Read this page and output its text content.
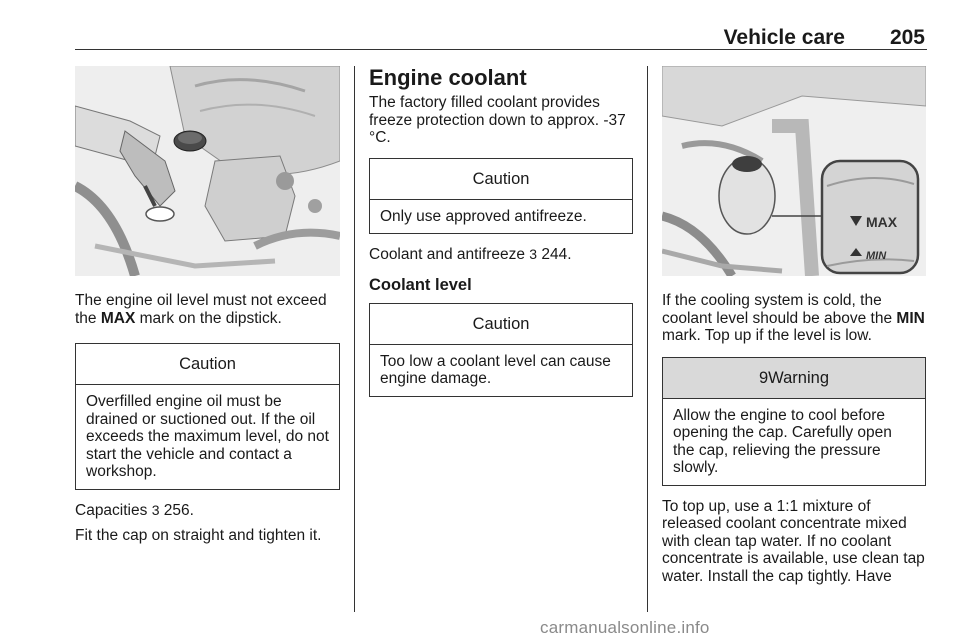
Vehicle care 205

The engine oil level must not exceed the MAX mark on the dipstick.

Caution
Overfilled engine oil must be drained or suctioned out. If the oil exceeds the maximum level, do not start the vehicle and contact a workshop.

Capacities 3 256.

Fit the cap on straight and tighten it.

Engine coolant

The factory filled coolant provides freeze protection down to approx. -37 °C.

Caution
Only use approved antifreeze.

Coolant and antifreeze 3 244.

Coolant level
Caution
Too low a coolant level can cause engine damage.
MAX
MIN

If the cooling system is cold, the coolant level should be above the MIN mark. Top up if the level is low.

9Warning
Allow the engine to cool before opening the cap. Carefully open the cap, relieving the pressure slowly.

To top up, use a 1:1 mixture of released coolant concentrate mixed with clean tap water. If no coolant concentrate is available, use clean tap water. Install the cap tightly. Have

carmanualsonline.info
